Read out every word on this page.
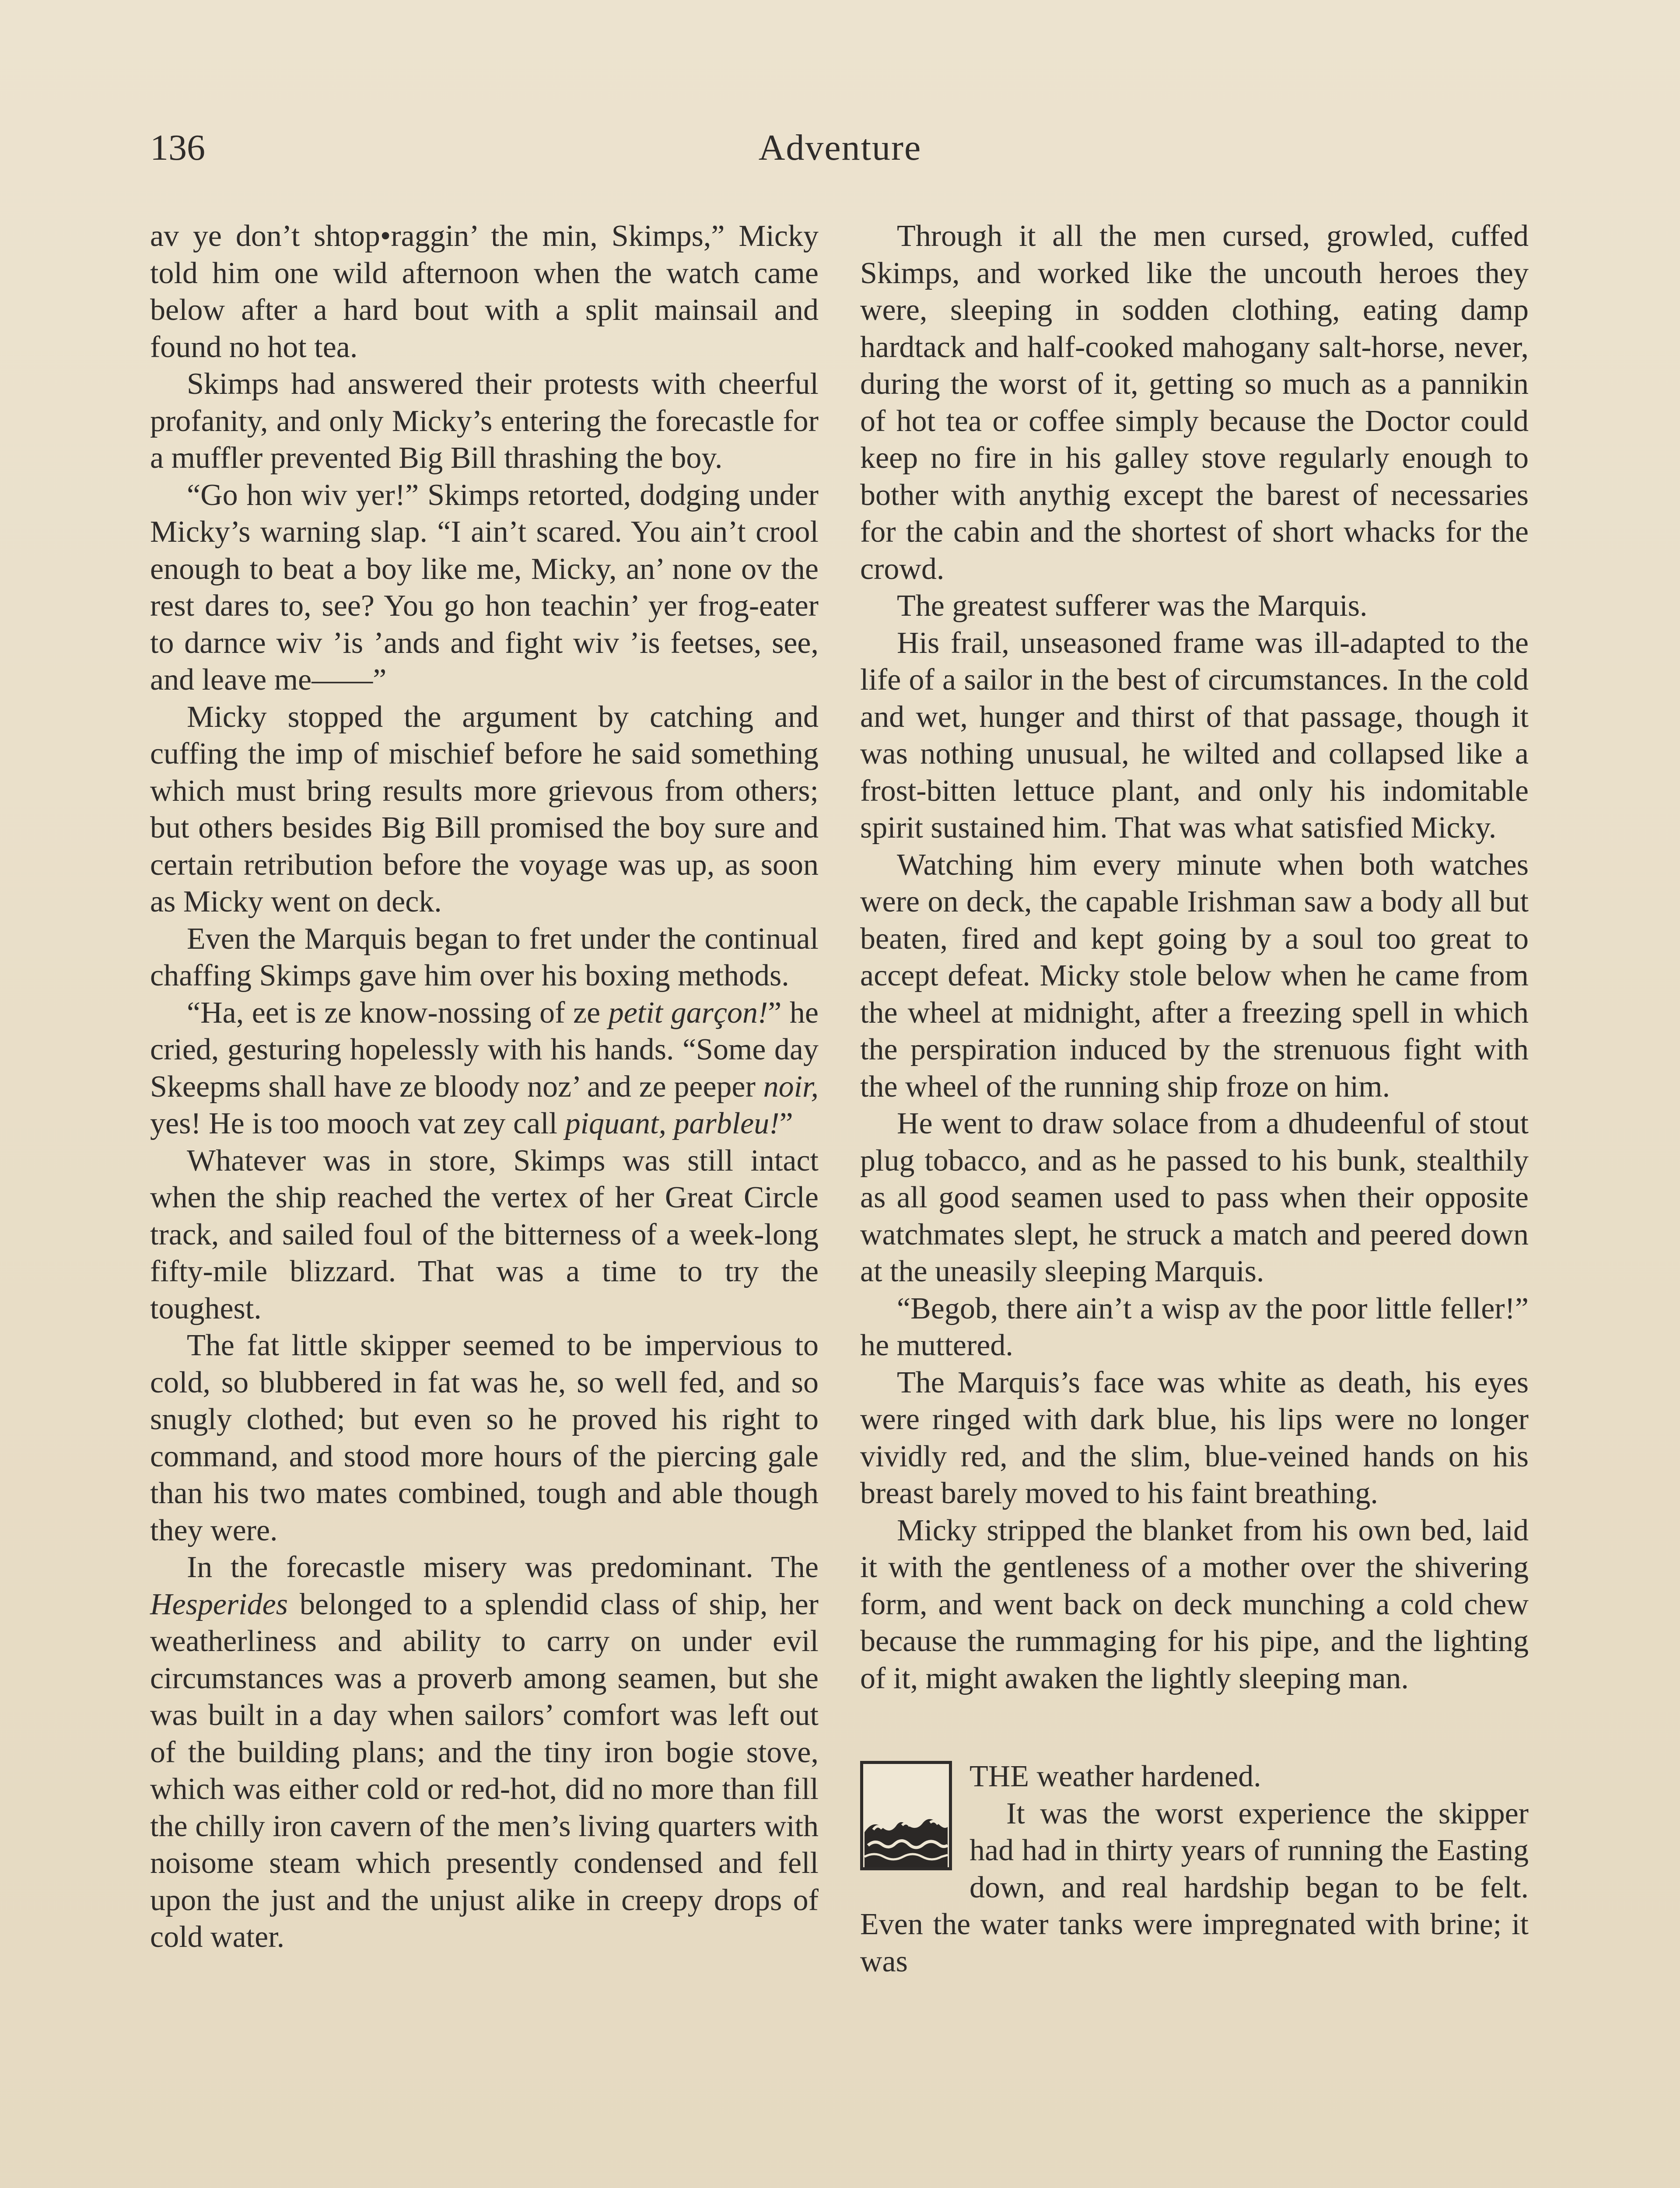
136	Adventure

av ye don’t shtop•raggin’ the min, Skimps,” Micky told him one wild afternoon when the watch came below after a hard bout with a split mainsail and found no hot tea.

Skimps had answered their protests with cheerful profanity, and only Micky’s entering the forecastle for a muffler prevented Big Bill thrashing the boy.

“Go hon wiv yer!” Skimps retorted, dodging under Micky’s warning slap. “I ain’t scared. You ain’t crool enough to beat a boy like me, Micky, an’ none ov the rest dares to, see? You go hon teachin’ yer frog-eater to darnce wiv ’is ’ands and fight wiv ’is feetses, see, and leave me——”

Micky stopped the argument by catching and cuffing the imp of mischief before he said something which must bring results more grievous from others; but others besides Big Bill promised the boy sure and certain retribution before the voyage was up, as soon as Micky went on deck.

Even the Marquis began to fret under the continual chaffing Skimps gave him over his boxing methods.

“Ha, eet is ze know-nossing of ze petit garçon!” he cried, gesturing hopelessly with his hands. “Some day Skeepms shall have ze bloody noz’ and ze peeper noir, yes! He is too mooch vat zey call piquant, parbleu!”

Whatever was in store, Skimps was still intact when the ship reached the vertex of her Great Circle track, and sailed foul of the bitterness of a week-long fifty-mile blizzard. That was a time to try the toughest.

The fat little skipper seemed to be impervious to cold, so blubbered in fat was he, so well fed, and so snugly clothed; but even so he proved his right to command, and stood more hours of the piercing gale than his two mates combined, tough and able though they were.

In the forecastle misery was predominant. The Hesperides belonged to a splendid class of ship, her weatherliness and ability to carry on under evil circumstances was a proverb among seamen, but she was built in a day when sailors’ comfort was left out of the building plans; and the tiny iron bogie stove, which was either cold or red-hot, did no more than fill the chilly iron cavern of the men’s living quarters with noisome steam which presently condensed and fell upon the just and the unjust alike in creepy drops of cold water.

Through it all the men cursed, growled, cuffed Skimps, and worked like the uncouth heroes they were, sleeping in sodden clothing, eating damp hardtack and half-cooked mahogany salt-horse, never, during the worst of it, getting so much as a pannikin of hot tea or coffee simply because the Doctor could keep no fire in his galley stove regularly enough to bother with anythig except the barest of necessaries for the cabin and the shortest of short whacks for the crowd.

The greatest sufferer was the Marquis.

His frail, unseasoned frame was ill-adapted to the life of a sailor in the best of circumstances. In the cold and wet, hunger and thirst of that passage, though it was nothing unusual, he wilted and collapsed like a frost-bitten lettuce plant, and only his indomitable spirit sustained him. That was what satisfied Micky.

Watching him every minute when both watches were on deck, the capable Irishman saw a body all but beaten, fired and kept going by a soul too great to accept defeat. Micky stole below when he came from the wheel at midnight, after a freezing spell in which the perspiration induced by the strenuous fight with the wheel of the running ship froze on him.

He went to draw solace from a dhudeenful of stout plug tobacco, and as he passed to his bunk, stealthily as all good seamen used to pass when their opposite watchmates slept, he struck a match and peered down at the uneasily sleeping Marquis.

“Begob, there ain’t a wisp av the poor little feller!” he muttered.

The Marquis’s face was white as death, his eyes were ringed with dark blue, his lips were no longer vividly red, and the slim, blue-veined hands on his breast barely moved to his faint breathing.

Micky stripped the blanket from his own bed, laid it with the gentleness of a mother over the shivering form, and went back on deck munching a cold chew because the rummaging for his pipe, and the lighting of it, might awaken the lightly sleeping man.

THE weather hardened.

It was the worst experience the skipper had had in thirty years of running the Easting down, and real hardship began to be felt. Even the water tanks were impregnated with brine; it was
